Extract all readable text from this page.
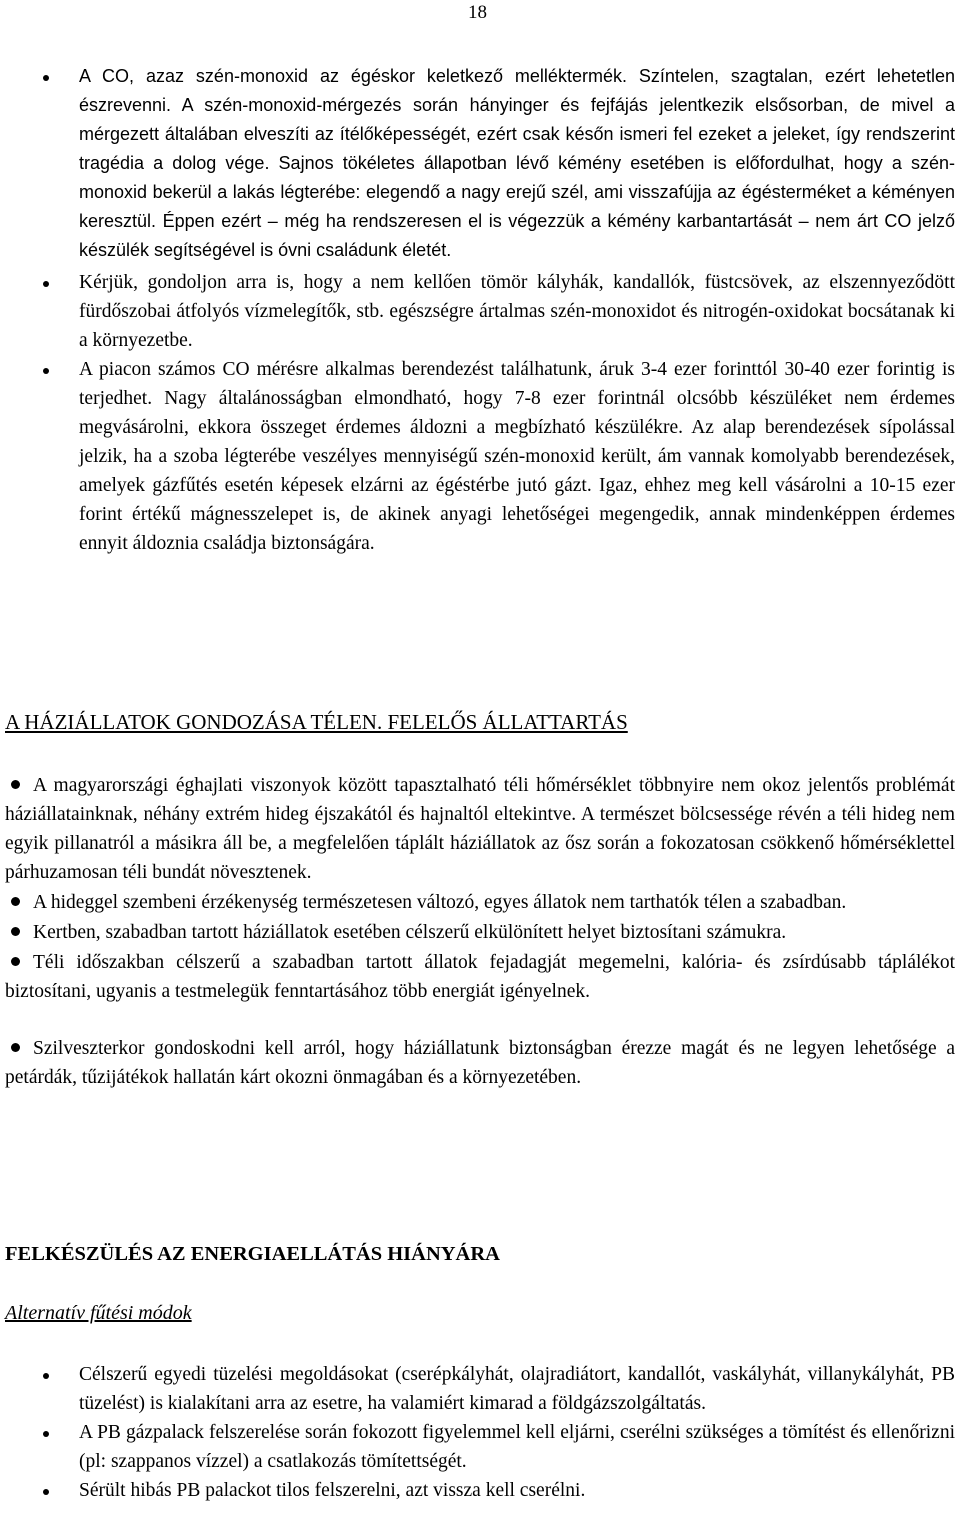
18
A CO, azaz szén-monoxid az égéskor keletkező melléktermék. Színtelen, szagtalan, ezért lehetetlen észrevenni. A szén-monoxid-mérgezés során hányinger és fejfájás jelentkezik elsősorban, de mivel a mérgezett általában elveszíti az ítélőképességét, ezért csak későn ismeri fel ezeket a jeleket, így rendszerint tragédia a dolog vége. Sajnos tökéletes állapotban lévő kémény esetében is előfordulhat, hogy a szén-monoxid bekerül a lakás légterébe: elegendő a nagy erejű szél, ami visszafújja az égésterméket a kéményen keresztül. Éppen ezért – még ha rendszeresen el is végezzük a kémény karbantartását – nem árt CO jelző készülék segítségével is óvni családunk életét.
Kérjük, gondoljon arra is, hogy a nem kellően tömör kályhák, kandallók, füstcsövek, az elszennyeződött fürdőszobai átfolyós vízmelegítők, stb. egészségre ártalmas szén-monoxidot és nitrogén-oxidokat bocsátanak ki a környezetbe.
A piacon számos CO mérésre alkalmas berendezést találhatunk, áruk 3-4 ezer forinttól 30-40 ezer forintig is terjedhet. Nagy általánosságban elmondható, hogy 7-8 ezer forintnál olcsóbb készüléket nem érdemes megvásárolni, ekkora összeget érdemes áldozni a megbízható készülékre. Az alap berendezések sípolással jelzik, ha a szoba légterébe veszélyes mennyiségű szén-monoxid került, ám vannak komolyabb berendezések, amelyek gázfűtés esetén képesek elzárni az égéstérbe jutó gázt. Igaz, ehhez meg kell vásárolni a 10-15 ezer forint értékű mágnesszelepet is, de akinek anyagi lehetőségei megengedik, annak mindenképpen érdemes ennyit áldoznia családja biztonságára.
A HÁZIÁLLATOK GONDOZÁSA TÉLEN. FELELŐS ÁLLATTARTÁS
A magyarországi éghajlati viszonyok között tapasztalható téli hőmérséklet többnyire nem okoz jelentős problémát háziállatainknak, néhány extrém hideg éjszakától és hajnaltól eltekintve. A természet bölcsessége révén a téli hideg nem egyik pillanatról a másikra áll be, a megfelelően táplált háziállatok az ősz során a fokozatosan csökkenő hőmérséklettel párhuzamosan téli bundát növesztenek.
A hideggel szembeni érzékenység természetesen változó, egyes állatok nem tarthatók télen a szabadban.
Kertben, szabadban tartott háziállatok esetében célszerű elkülönített helyet biztosítani számukra.
Téli időszakban célszerű a szabadban tartott állatok fejadagját megemelni, kalória- és zsírdúsabb táplálékot biztosítani, ugyanis a testmelegük fenntartásához több energiát igényelnek.
Szilveszterkor gondoskodni kell arról, hogy háziállatunk biztonságban érezze magát és ne legyen lehetősége a petárdák, tűzijátékok hallatán kárt okozni önmagában és a környezetében.
FELKÉSZÜLÉS AZ ENERGIAELLÁTÁS HIÁNYÁRA
Alternatív fűtési módok
Célszerű egyedi tüzelési megoldásokat (cserépkályhát, olajradiátort, kandallót, vaskályhát, villanykályhát, PB tüzelést) is kialakítani arra az esetre, ha valamiért kimarad a földgázszolgáltatás.
A PB gázpalack felszerelése során fokozott figyelemmel kell eljárni, cserélni szükséges a tömítést és ellenőrizni (pl: szappanos vízzel) a csatlakozás tömítettségét.
Sérült hibás PB palackot tilos felszerelni, azt vissza kell cserélni.
